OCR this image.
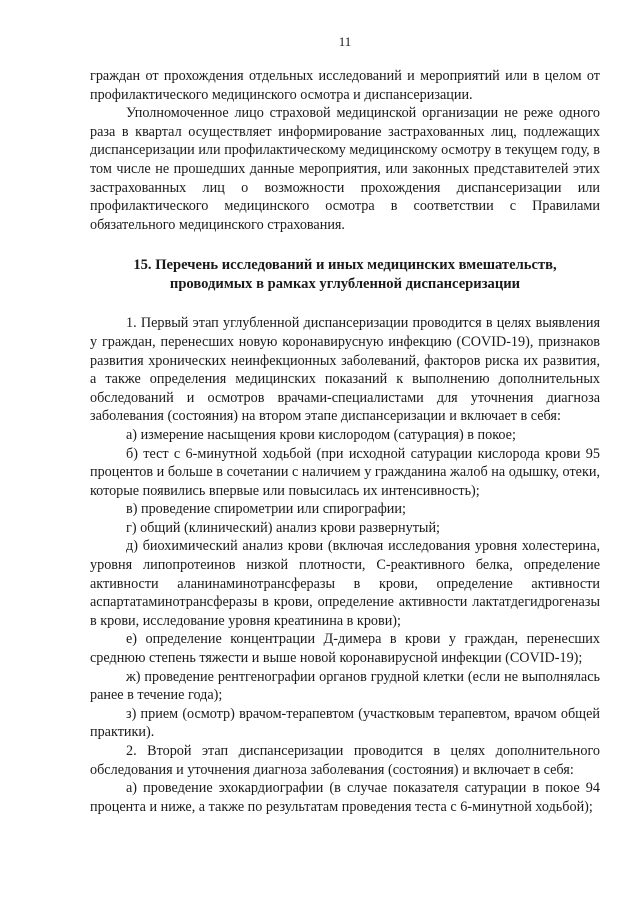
11

граждан от прохождения отдельных исследований и мероприятий или в целом от профилактического медицинского осмотра и диспансеризации.

Уполномоченное лицо страховой медицинской организации не реже одного раза в квартал осуществляет информирование застрахованных лиц, подлежащих диспансеризации или профилактическому медицинскому осмотру в текущем году, в том числе не прошедших данные мероприятия, или законных представителей этих застрахованных лиц о возможности прохождения диспансеризации или профилактического медицинского осмотра в соответствии с Правилами обязательного медицинского страхования.

15. Перечень исследований и иных медицинских вмешательств,
проводимых в рамках углубленной диспансеризации

1. Первый этап углубленной диспансеризации проводится в целях выявления у граждан, перенесших новую коронавирусную инфекцию (COVID-19), признаков развития хронических неинфекционных заболеваний, факторов риска их развития, а также определения медицинских показаний к выполнению дополнительных обследований и осмотров врачами-специалистами для уточнения диагноза заболевания (состояния) на втором этапе диспансеризации и включает в себя:

а) измерение насыщения крови кислородом (сатурация) в покое;

б) тест с 6-минутной ходьбой (при исходной сатурации кислорода крови 95 процентов и больше в сочетании с наличием у гражданина жалоб на одышку, отеки, которые появились впервые или повысилась их интенсивность);

в) проведение спирометрии или спирографии;

г) общий (клинический) анализ крови развернутый;

д) биохимический анализ крови (включая исследования уровня холестерина, уровня липопротеинов низкой плотности, С-реактивного белка, определение активности аланинаминотрансферазы в крови, определение активности аспартатаминотрансферазы в крови, определение активности лактатдегидрогеназы в крови, исследование уровня креатинина в крови);

е) определение концентрации Д-димера в крови у граждан, перенесших среднюю степень тяжести и выше новой коронавирусной инфекции (COVID-19);

ж) проведение рентгенографии органов грудной клетки (если не выполнялась ранее в течение года);

з) прием (осмотр) врачом-терапевтом (участковым терапевтом, врачом общей практики).

2. Второй этап диспансеризации проводится в целях дополнительного обследования и уточнения диагноза заболевания (состояния) и включает в себя:

а) проведение эхокардиографии (в случае показателя сатурации в покое 94 процента и ниже, а также по результатам проведения теста с 6-минутной ходьбой);
